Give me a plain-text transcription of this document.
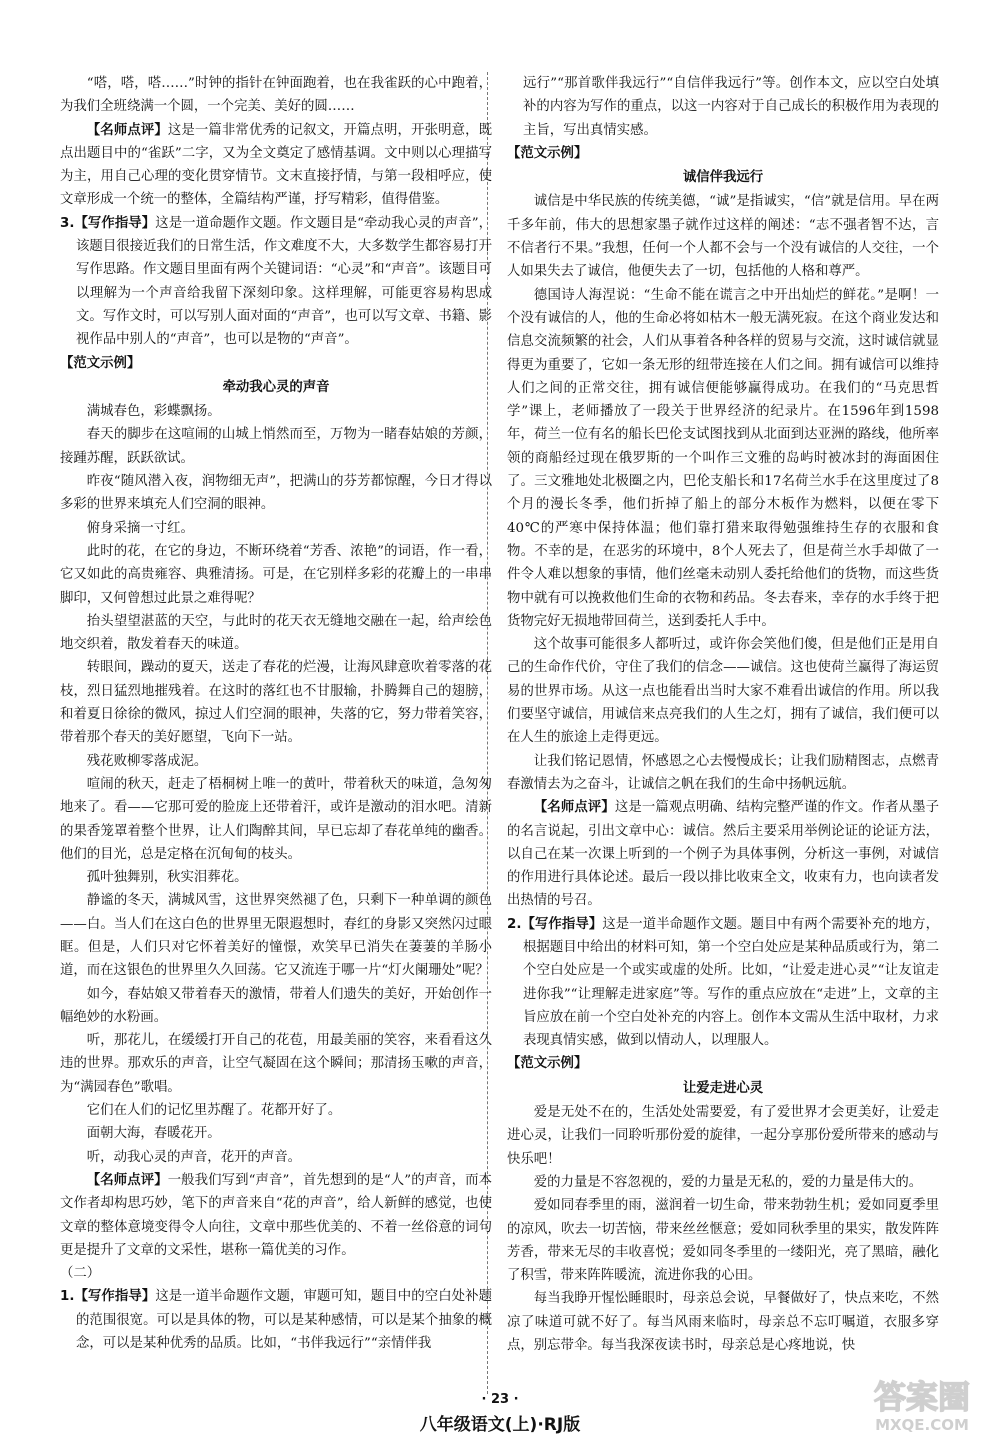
“嗒，嗒，嗒……”时钟的指针在钟面跑着，也在我雀跃的心中跑着，为我们全班绕满一个圆，一个完美、美好的圆……

【名师点评】这是一篇非常优秀的记叙文，开篇点明，开张明意，既点出题目中的“雀跃”二字，又为全文奠定了感情基调。文中则以心理描写为主，用自己心理的变化贯穿情节。文末直接抒情，与第一段相呼应，使文章形成一个统一的整体，全篇结构严谨，抒写精彩，值得借鉴。

3.【写作指导】这是一道命题作文题。作文题目是“牵动我心灵的声音”，该题目很接近我们的日常生活，作文难度不大，大多数学生都容易打开写作思路。作文题目里面有两个关键词语：“心灵”和“声音”。该题目可以理解为一个声音给我留下深刻印象。这样理解，可能更容易构思成文。写作文时，可以写别人面对面的“声音”，也可以写文章、书籍、影视作品中别人的“声音”，也可以是物的“声音”。

【范文示例】

牵动我心灵的声音

满城春色，彩蝶飘扬。

春天的脚步在这喧闹的山城上悄然而至，万物为一睹春姑娘的芳颜，接踵苏醒，跃跃欲试。

昨夜“随风潜入夜，润物细无声”，把满山的芬芳都惊醒，今日才得以多彩的世界来填充人们空洞的眼神。

俯身采摘一寸红。

此时的花，在它的身边，不断环绕着“芳香、浓艳”的词语，作一看，它又如此的高贵雍容、典雅清扬。可是，在它别样多彩的花瓣上的一串串脚印，又何曾想过此景之难得呢？

抬头望望湛蓝的天空，与此时的花天衣无缝地交融在一起，给声绘色地交织着，散发着春天的味道。

转眼间，躁动的夏天，送走了春花的烂漫，让海风肆意吹着零落的花枝，烈日猛烈地摧残着。在这时的落红也不甘服输，扑腾舞自己的翅膀，和着夏日徐徐的微风，掠过人们空洞的眼神，失落的它，努力带着笑容，带着那个春天的美好愿望，飞向下一站。

残花败柳零落成泥。

喧闹的秋天，赶走了梧桐树上唯一的黄叶，带着秋天的味道，急匆匆地来了。看——它那可爱的脸庞上还带着汗，或许是激动的泪水吧。清新的果香笼罩着整个世界，让人们陶醉其间，早已忘却了春花单纯的幽香。他们的目光，总是定格在沉甸甸的枝头。

孤叶独舞别，秋实泪葬花。

静谧的冬天，满城风雪，这世界突然褪了色，只剩下一种单调的颜色——白。当人们在这白色的世界里无限遐想时，春红的身影又突然闪过眼眶。但是，人们只对它怀着美好的憧憬，欢笑早已消失在萋萋的羊肠小道，而在这银色的世界里久久回荡。它又流连于哪一片“灯火阑珊处”呢？

如今，春姑娘又带着春天的激情，带着人们遗失的美好，开始创作一幅绝妙的水粉画。

听，那花儿，在缓缓打开自己的花苞，用最美丽的笑容，来看看这久违的世界。那欢乐的声音，让空气凝固在这个瞬间；那清扬玉嗽的声音，为“满园春色”歌唱。

它们在人们的记忆里苏醒了。花都开好了。

面朝大海，春暖花开。

听，动我心灵的声音，花开的声音。

【名师点评】一般我们写到“声音”，首先想到的是“人”的声音，而本文作者却构思巧妙，笔下的声音来自“花的声音”，给人新鲜的感觉，也使文章的整体意境变得令人向往，文章中那些优美的、不着一丝俗意的词句更是提升了文章的文采性，堪称一篇优美的习作。

（二）

1.【写作指导】这是一道半命题作文题，审题可知，题目中的空白处补题的范围很宽。可以是具体的物，可以是某种感情，可以是某个抽象的概念，可以是某种优秀的品质。比如，“书伴我远行”“亲情伴我

远行”“那首歌伴我远行”“自信伴我远行”等。创作本文，应以空白处填补的内容为写作的重点，以这一内容对于自己成长的积极作用为表现的主旨，写出真情实感。

【范文示例】

诚信伴我远行

诚信是中华民族的传统美德，“诚”是指诚实，“信”就是信用。早在两千多年前，伟大的思想家墨子就作过这样的阐述：“志不强者智不达，言不信者行不果。”我想，任何一个人都不会与一个没有诚信的人交往，一个人如果失去了诚信，他便失去了一切，包括他的人格和尊严。

德国诗人海涅说：“生命不能在谎言之中开出灿烂的鲜花。”是啊！一个没有诚信的人，他的生命必将如枯木一般无满死寂。在这个商业发达和信息交流频繁的社会，人们从事着各种各样的贸易与交流，这时诚信就显得更为重要了，它如一条无形的纽带连接在人们之间。拥有诚信可以维持人们之间的正常交往，拥有诚信便能够赢得成功。在我们的“马克思哲学”课上，老师播放了一段关于世界经济的纪录片。在1596年到1598年，荷兰一位有名的船长巴伦支试图找到从北面到达亚洲的路线，他所率领的商船经过现在俄罗斯的一个叫作三文雅的岛屿时被冰封的海面困住了。三文雅地处北极圈之内，巴伦支船长和17名荷兰水手在这里度过了8个月的漫长冬季，他们折掉了船上的部分木板作为燃料，以便在零下40℃的严寒中保持体温；他们靠打猎来取得勉强维持生存的衣服和食物。不幸的是，在恶劣的环境中，8个人死去了，但是荷兰水手却做了一件令人难以想象的事情，他们丝毫未动别人委托给他们的货物，而这些货物中就有可以挽救他们生命的衣物和药品。冬去春来，幸存的水手终于把货物完好无损地带回荷兰，送到委托人手中。

这个故事可能很多人都听过，或许你会笑他们傻，但是他们正是用自己的生命作代价，守住了我们的信念——诚信。这也使荷兰赢得了海运贸易的世界市场。从这一点也能看出当时大家不难看出诚信的作用。所以我们要坚守诚信，用诚信来点亮我们的人生之灯，拥有了诚信，我们便可以在人生的旅途上走得更远。

让我们铭记恩情，怀感恩之心去慢慢成长；让我们励精图志，点燃青春激情去为之奋斗，让诚信之帆在我们的生命中扬帆远航。

【名师点评】这是一篇观点明确、结构完整严谨的作文。作者从墨子的名言说起，引出文章中心：诚信。然后主要采用举例论证的论证方法，以自己在某一次课上听到的一个例子为具体事例，分析这一事例，对诚信的作用进行具体论述。最后一段以排比收束全文，收束有力，也向读者发出热情的号召。

2.【写作指导】这是一道半命题作文题。题目中有两个需要补充的地方，根据题目中给出的材料可知，第一个空白处应是某种品质或行为，第二个空白处应是一个或实或虚的处所。比如，“让爱走进心灵”“让友谊走进你我”“让理解走进家庭”等。写作的重点应放在“走进”上，文章的主旨应放在前一个空白处补充的内容上。创作本文需从生活中取材，力求表现真情实感，做到以情动人，以理服人。

【范文示例】

让爱走进心灵

爱是无处不在的，生活处处需要爱，有了爱世界才会更美好，让爱走进心灵，让我们一同聆听那份爱的旋律，一起分享那份爱所带来的感动与快乐吧！

爱的力量是不容忽视的，爱的力量是无私的，爱的力量是伟大的。

爱如同春季里的雨，滋润着一切生命，带来勃勃生机；爱如同夏季里的凉风，吹去一切苦恼，带来丝丝惬意；爱如同秋季里的果实，散发阵阵芳香，带来无尽的丰收喜悦；爱如同冬季里的一缕阳光，亮了黑暗，融化了积雪，带来阵阵暖流，流进你我的心田。

每当我睁开惺忪睡眼时，母亲总会说，早餐做好了，快点来吃，不然凉了味道可就不好了。每当风雨来临时，母亲总不忘叮嘱道，衣服多穿点，别忘带伞。每当我深夜读书时，母亲总是心疼地说，快

· 23 ·
八年级语文(上)·RJ版
答案圈
MXQE.COM
